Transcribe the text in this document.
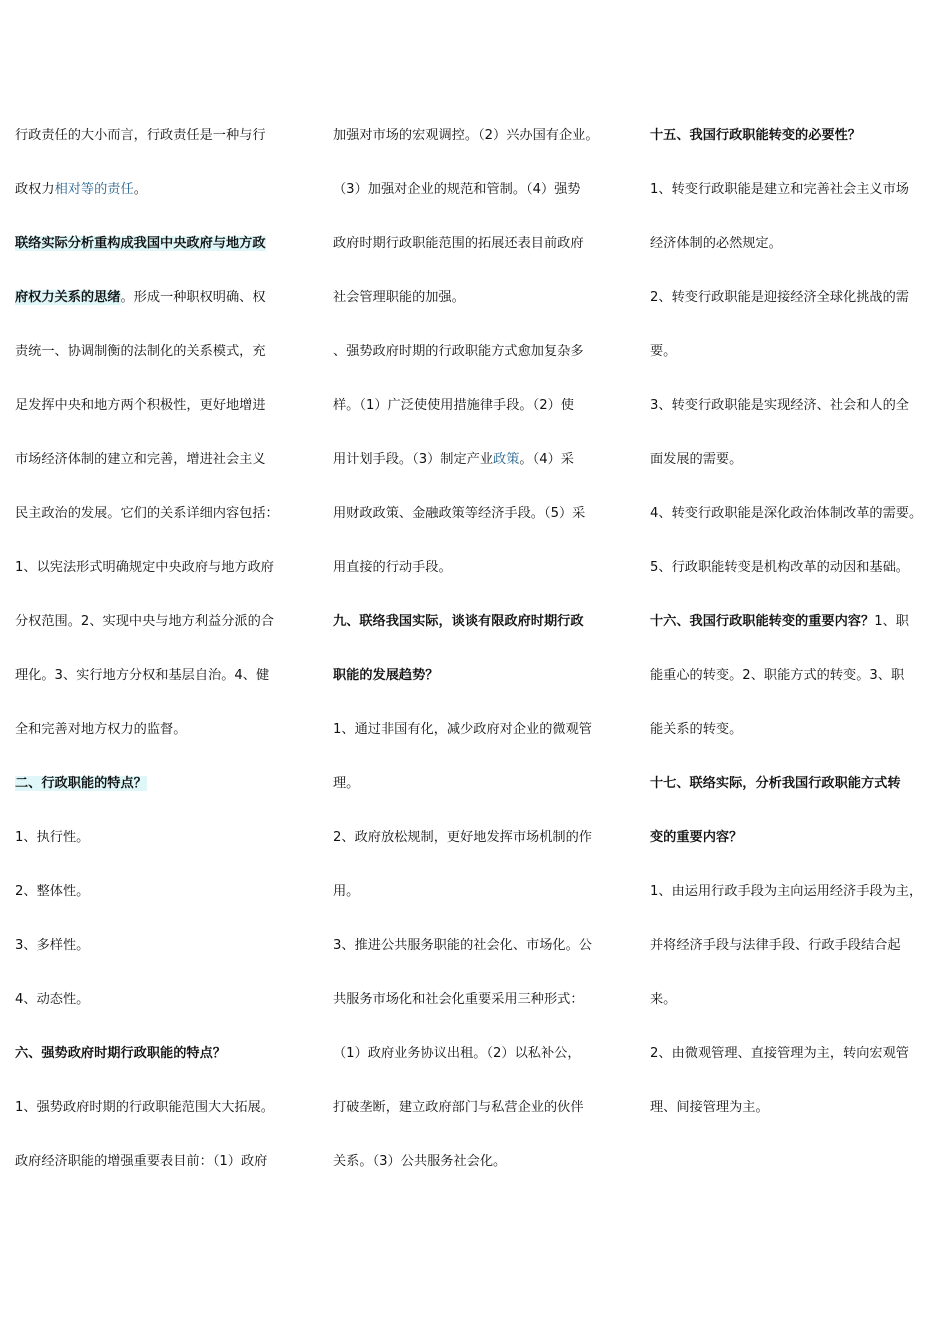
行政责任的大小而言，行政责任是一种与行
政权力相对等的责任。
联络实际分析重构成我国中央政府与地方政
府权力关系的思绪。形成一种职权明确、权
责统一、协调制衡的法制化的关系模式，充
足发挥中央和地方两个积极性，更好地增进
市场经济体制的建立和完善，增进社会主义
民主政治的发展。它们的关系详细内容包括：
1、以宪法形式明确规定中央政府与地方政府
分权范围。2、实现中央与地方利益分派的合
理化。3、实行地方分权和基层自治。4、健
全和完善对地方权力的监督。
二、行政职能的特点？
1、执行性。
2、整体性。
3、多样性。
4、动态性。
六、强势政府时期行政职能的特点？
1、强势政府时期的行政职能范围大大拓展。
政府经济职能的增强重要表目前：（1）政府
加强对市场的宏观调控。（2）兴办国有企业。
（3）加强对企业的规范和管制。（4）强势
政府时期行政职能范围的拓展还表目前政府
社会管理职能的加强。
、强势政府时期的行政职能方式愈加复杂多
样。（1）广泛使使用措施律手段。（2）使
用计划手段。（3）制定产业政策。（4）采
用财政政策、金融政策等经济手段。（5）采
用直接的行动手段。
九、联络我国实际，谈谈有限政府时期行政
职能的发展趋势？
1、通过非国有化，减少政府对企业的微观管
理。
2、政府放松规制，更好地发挥市场机制的作
用。
3、推进公共服务职能的社会化、市场化。公
共服务市场化和社会化重要采用三种形式：
（1）政府业务协议出租。（2）以私补公，
打破垄断，建立政府部门与私营企业的伙伴
关系。（3）公共服务社会化。
十五、我国行政职能转变的必要性？
1、转变行政职能是建立和完善社会主义市场
经济体制的必然规定。
2、转变行政职能是迎接经济全球化挑战的需
要。
3、转变行政职能是实现经济、社会和人的全
面发展的需要。
4、转变行政职能是深化政治体制改革的需要。
5、行政职能转变是机构改革的动因和基础。
十六、我国行政职能转变的重要内容？1、职
能重心的转变。2、职能方式的转变。3、职
能关系的转变。
十七、联络实际，分析我国行政职能方式转
变的重要内容？
1、由运用行政手段为主向运用经济手段为主，
并将经济手段与法律手段、行政手段结合起
来。
2、由微观管理、直接管理为主，转向宏观管
理、间接管理为主。
